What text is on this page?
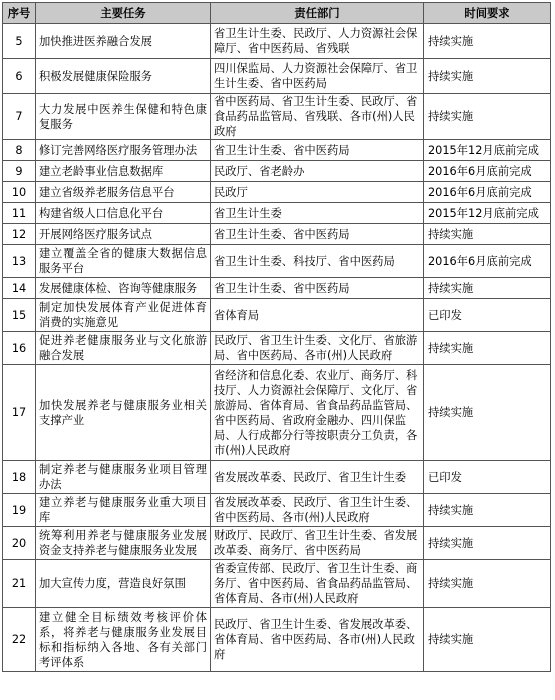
序号	主要任务	责任部门	时间要求
5	加快推进医养融合发展	省卫生计生委、民政厅、人力资源社会保障厅、省中医药局、省残联	持续实施
6	积极发展健康保险服务	四川保监局、人力资源社会保障厅、省卫生计生委、省中医药局	持续实施
7	大力发展中医养生保健和特色康复服务	省中医药局、省卫生计生委、民政厅、省食品药品监管局、省残联、各市(州)人民政府	持续实施
8	修订完善网络医疗服务管理办法	省卫生计生委、省中医药局	2015年12月底前完成
9	建立老龄事业信息数据库	民政厅、省老龄办	2016年6月底前完成
10	建立省级养老服务信息平台	民政厅	2016年6月底前完成
11	构建省级人口信息化平台	省卫生计生委	2015年12月底前完成
12	开展网络医疗服务试点	省卫生计生委、省中医药局	持续实施
13	建立覆盖全省的健康大数据信息服务平台	省卫生计生委、科技厅、省中医药局	2016年6月底前完成
14	发展健康体检、咨询等健康服务	省卫生计生委、省中医药局	持续实施
15	制定加快发展体育产业促进体育消费的实施意见	省体育局	已印发
16	促进养老健康服务业与文化旅游融合发展	民政厅、省卫生计生委、文化厅、省旅游局、省中医药局、各市(州)人民政府	持续实施
17	加快发展养老与健康服务业相关支撑产业	省经济和信息化委、农业厅、商务厅、科技厅、人力资源社会保障厅、文化厅、省旅游局、省体育局、省食品药品监管局、省中医药局、省政府金融办、四川保监局、人行成都分行等按职责分工负责，各市(州)人民政府	持续实施
18	制定养老与健康服务业项目管理办法	省发展改革委、民政厅、省卫生计生委	已印发
19	建立养老与健康服务业重大项目库	省发展改革委、民政厅、省卫生计生委、省中医药局、各市(州)人民政府	持续实施
20	统筹利用养老与健康服务业发展资金支持养老与健康服务业发展	财政厅、民政厅、省卫生计生委、省发展改革委、商务厅、省中医药局	持续实施
21	加大宣传力度，营造良好氛围	省委宣传部、民政厅、省卫生计生委、商务厅、省中医药局、省食品药品监管局、省体育局、各市(州)人民政府	持续实施
22	建立健全目标绩效考核评价体系，将养老与健康服务业发展目标和指标纳入各地、各有关部门考评体系	民政厅、省卫生计生委、省发展改革委、省体育局、省中医药局、各市(州)人民政府	持续实施
